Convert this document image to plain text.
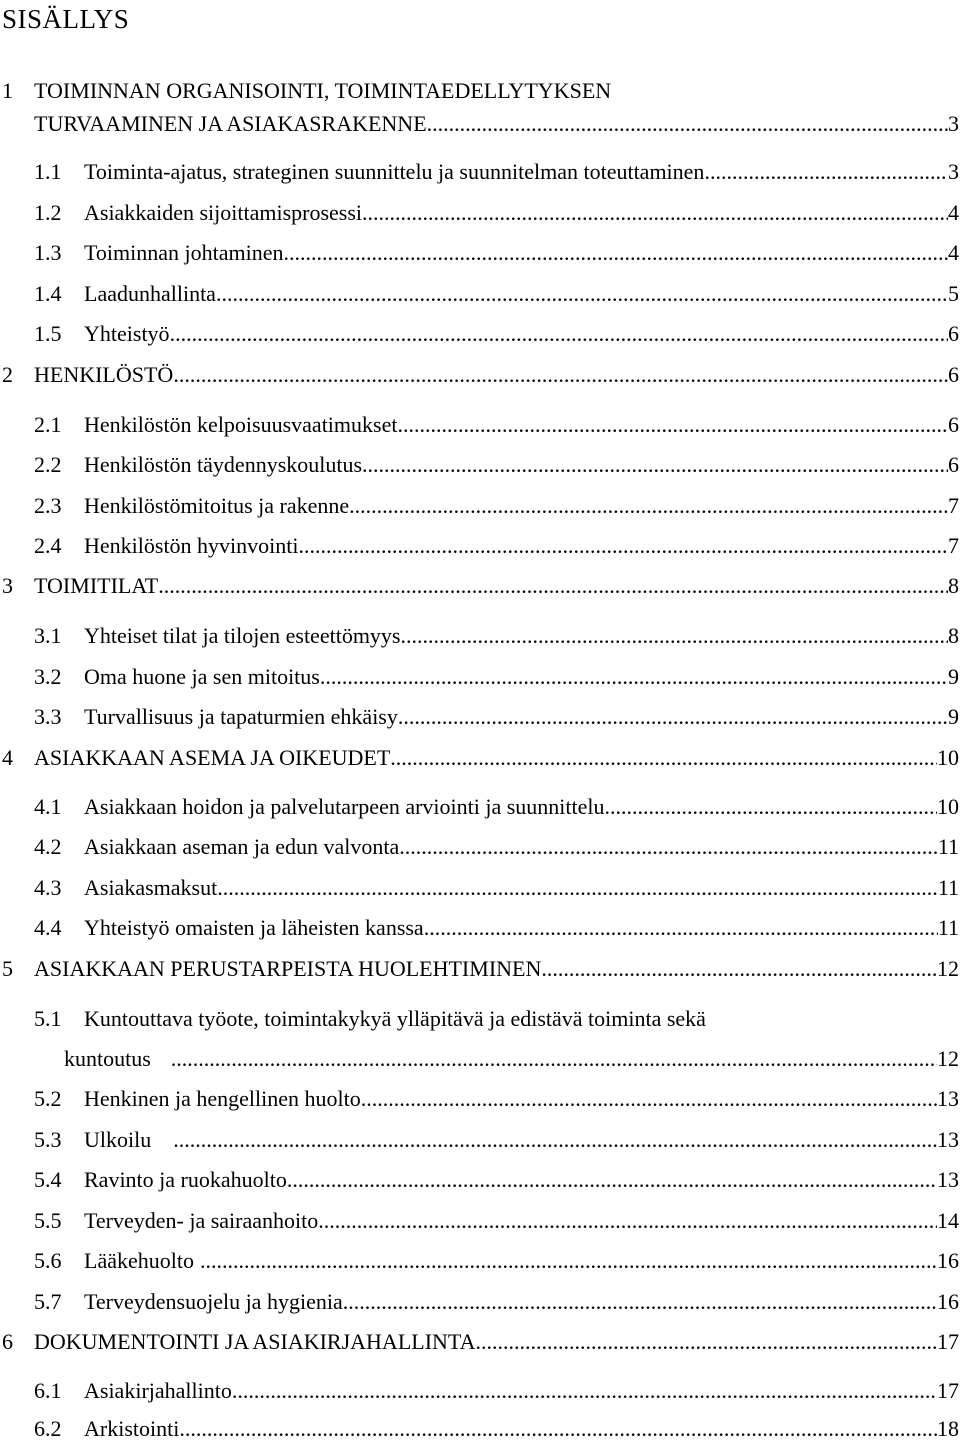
SISÄLLYS
1 TOIMINNAN ORGANISOINTI, TOIMINTAEDELLYTYKSEN
TURVAAMINEN JA ASIAKASRAKENNE .....	3
1.1 Toiminta-ajatus, strateginen suunnittelu ja suunnitelman toteuttaminen .....	3
1.2 Asiakkaiden sijoittamisprosessi .....	4
1.3 Toiminnan johtaminen .....	4
1.4 Laadunhallinta .....	5
1.5 Yhteistyö .....	6
2 HENKILÖSTÖ .....	6
2.1 Henkilöstön kelpoisuusvaatimukset .....	6
2.2 Henkilöstön täydennyskoulutus .....	6
2.3 Henkilöstömitoitus ja rakenne .....	7
2.4 Henkilöstön hyvinvointi .....	7
3 TOIMITILAT .....	8
3.1 Yhteiset tilat ja tilojen esteettömyys .....	8
3.2 Oma huone ja sen mitoitus .....	9
3.3 Turvallisuus ja tapaturmien ehkäisy .....	9
4 ASIAKKAAN ASEMA JA OIKEUDET .....	10
4.1 Asiakkaan hoidon ja palvelutarpeen arviointi ja suunnittelu .....	10
4.2 Asiakkaan aseman ja edun valvonta .....	11
4.3 Asiakasmaksut .....	11
4.4 Yhteistyö omaisten ja läheisten kanssa .....	11
5 ASIAKKAAN PERUSTARPEISTA HUOLEHTIMINEN .....	12
5.1 Kuntouttava työote, toimintakykyä ylläpitävä ja edistävä toiminta sekä
kuntoutus .....	12
5.2 Henkinen ja hengellinen huolto .....	13
5.3 Ulkoilu .....	13
5.4 Ravinto ja ruokahuolto .....	13
5.5 Terveyden- ja sairaanhoito .....	14
5.6 Lääkehuolto .....	16
5.7 Terveydensuojelu ja hygienia .....	16
6 DOKUMENTOINTI JA ASIAKIRJAHALLINTA .....	17
6.1 Asiakirjahallinto .....	17
6.2 Arkistointi .....	18
